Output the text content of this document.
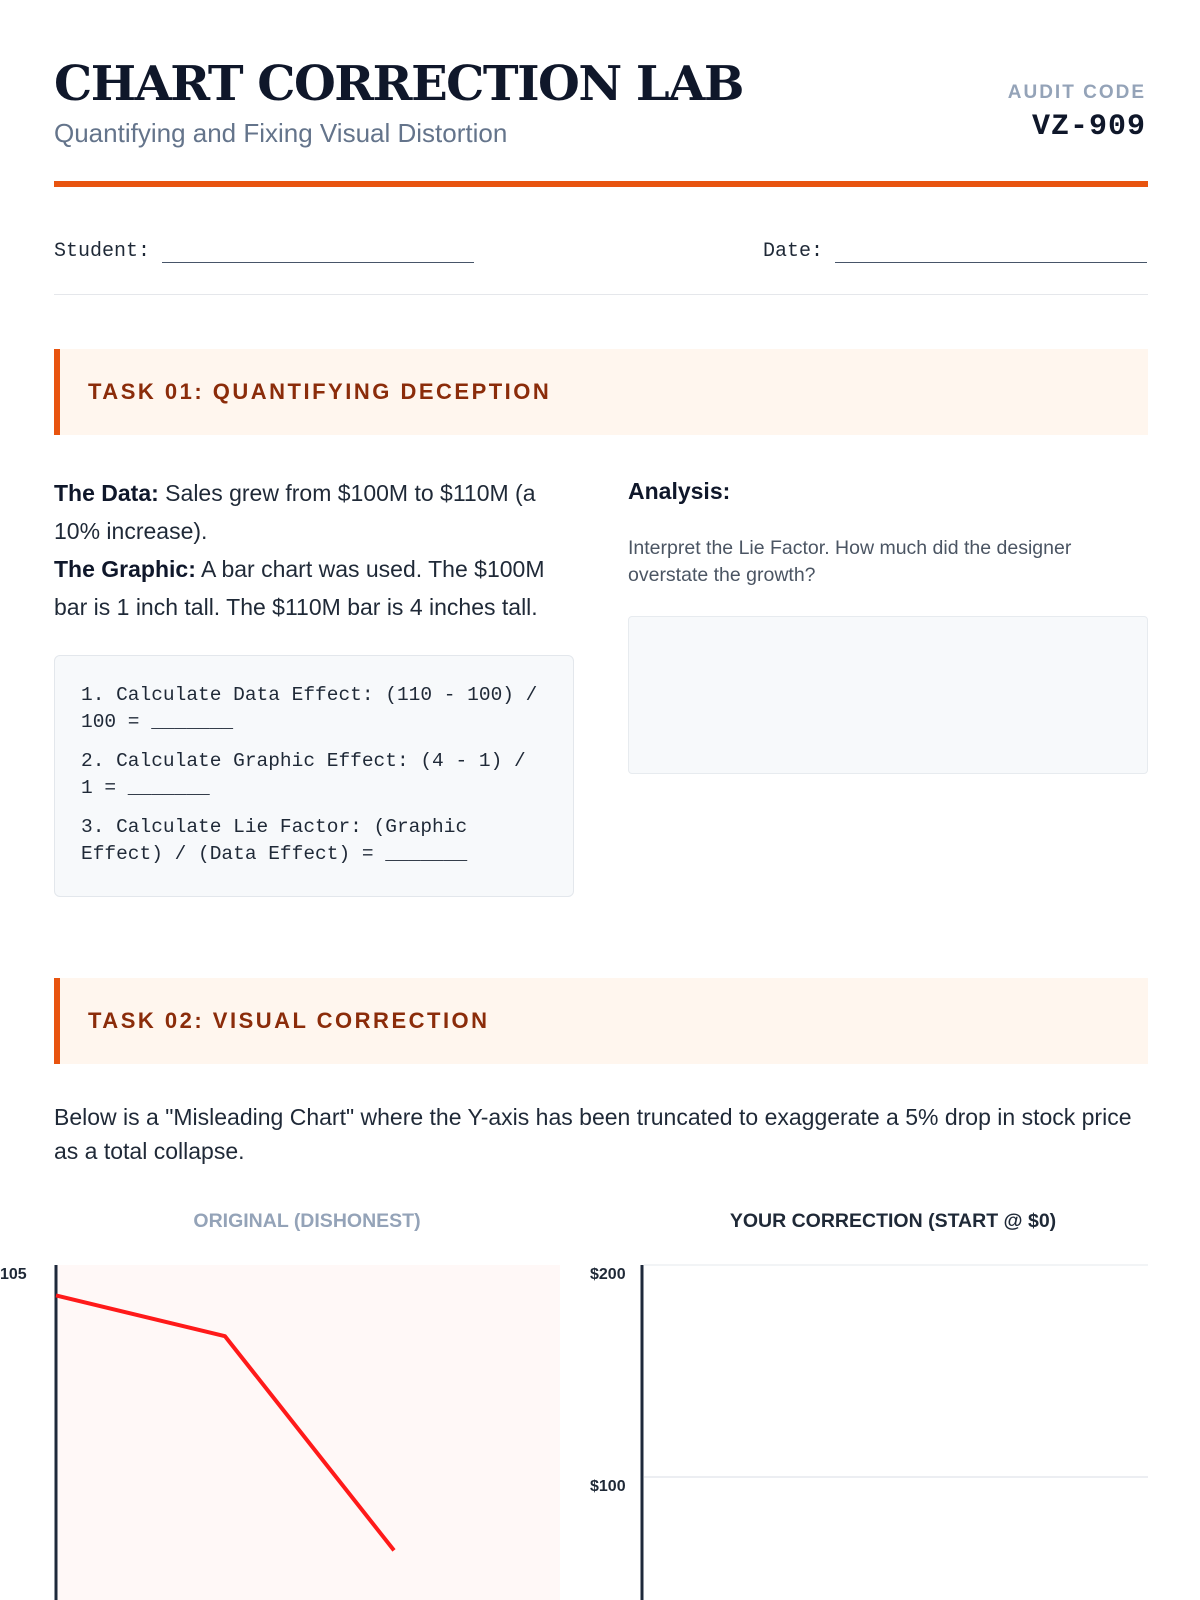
CHART CORRECTION LAB
Quantifying and Fixing Visual Distortion
AUDIT CODE
VZ-909
Student:	Date:
TASK 01: QUANTIFYING DECEPTION
The Data: Sales grew from $100M to $110M (a 10% increase).
The Graphic: A bar chart was used. The $100M bar is 1 inch tall. The $110M bar is 4 inches tall.

1. Calculate Data Effect: (110 - 100) / 100 = _______

2. Calculate Graphic Effect: (4 - 1) / 1 = _______

3. Calculate Lie Factor: (Graphic Effect) / (Data Effect) = _______

Analysis:
Interpret the Lie Factor. How much did the designer overstate the growth?
TASK 02: VISUAL CORRECTION
Below is a "Misleading Chart" where the Y-axis has been truncated to exaggerate a 5% drop in stock price as a total collapse.
ORIGINAL (DISHONEST)	YOUR CORRECTION (START @ $0)
105	$200
$100
